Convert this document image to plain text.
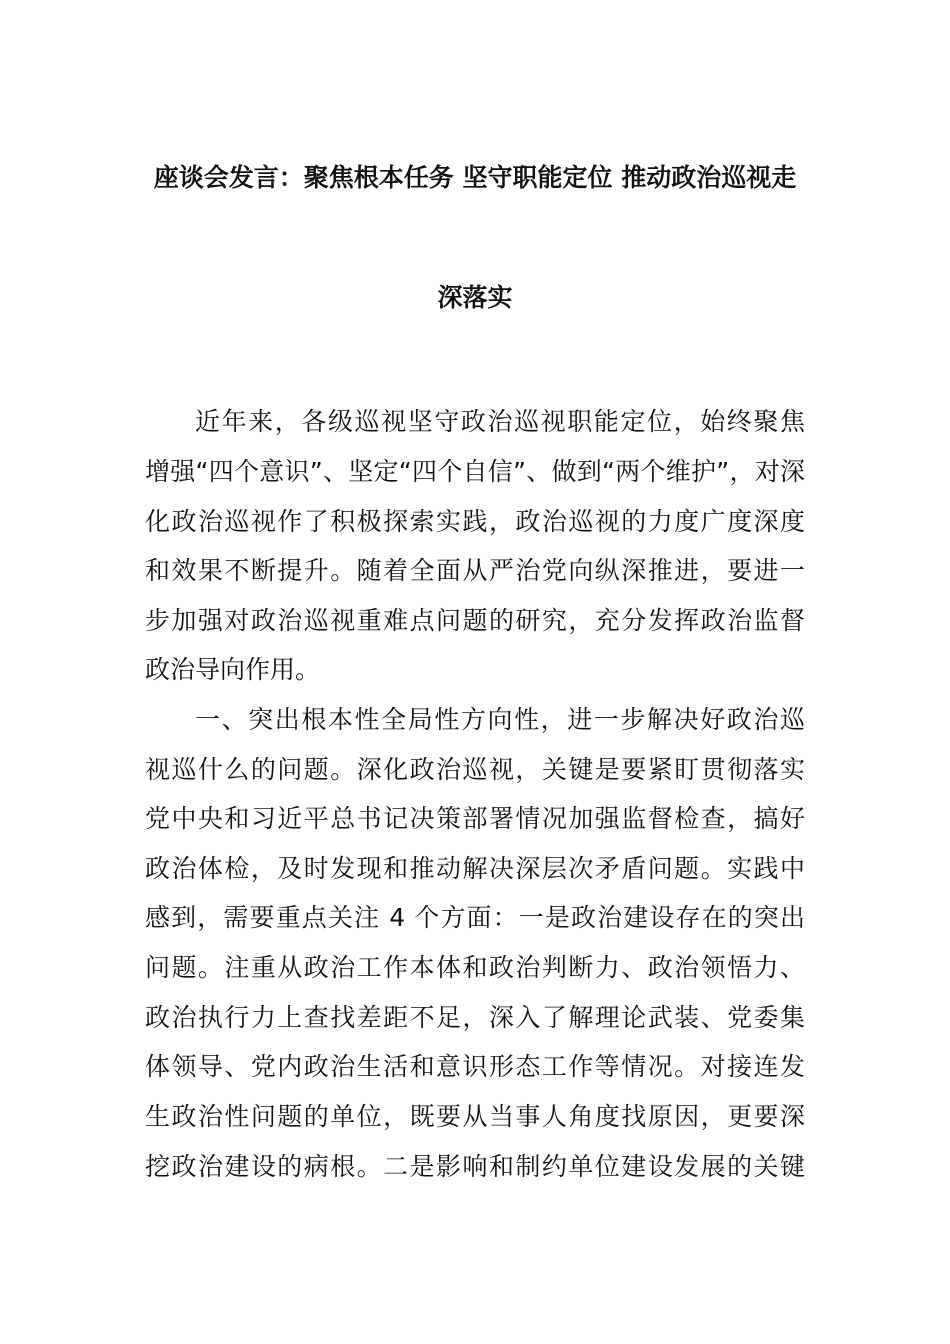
座谈会发言：聚焦根本任务 坚守职能定位 推动政治巡视走
深落实
近年来，各级巡视坚守政治巡视职能定位，始终聚焦
增强“四个意识”、坚定“四个自信”、做到“两个维护”，对深
化政治巡视作了积极探索实践，政治巡视的力度广度深度
和效果不断提升。随着全面从严治党向纵深推进，要进一
步加强对政治巡视重难点问题的研究，充分发挥政治监督
政治导向作用。
一、突出根本性全局性方向性，进一步解决好政治巡
视巡什么的问题。深化政治巡视，关键是要紧盯贯彻落实
党中央和习近平总书记决策部署情况加强监督检查，搞好
政治体检，及时发现和推动解决深层次矛盾问题。实践中
感到，需要重点关注 4 个方面：一是政治建设存在的突出
问题。注重从政治工作本体和政治判断力、政治领悟力、
政治执行力上查找差距不足，深入了解理论武装、党委集
体领导、党内政治生活和意识形态工作等情况。对接连发
生政治性问题的单位，既要从当事人角度找原因，更要深
挖政治建设的病根。二是影响和制约单位建设发展的关键
